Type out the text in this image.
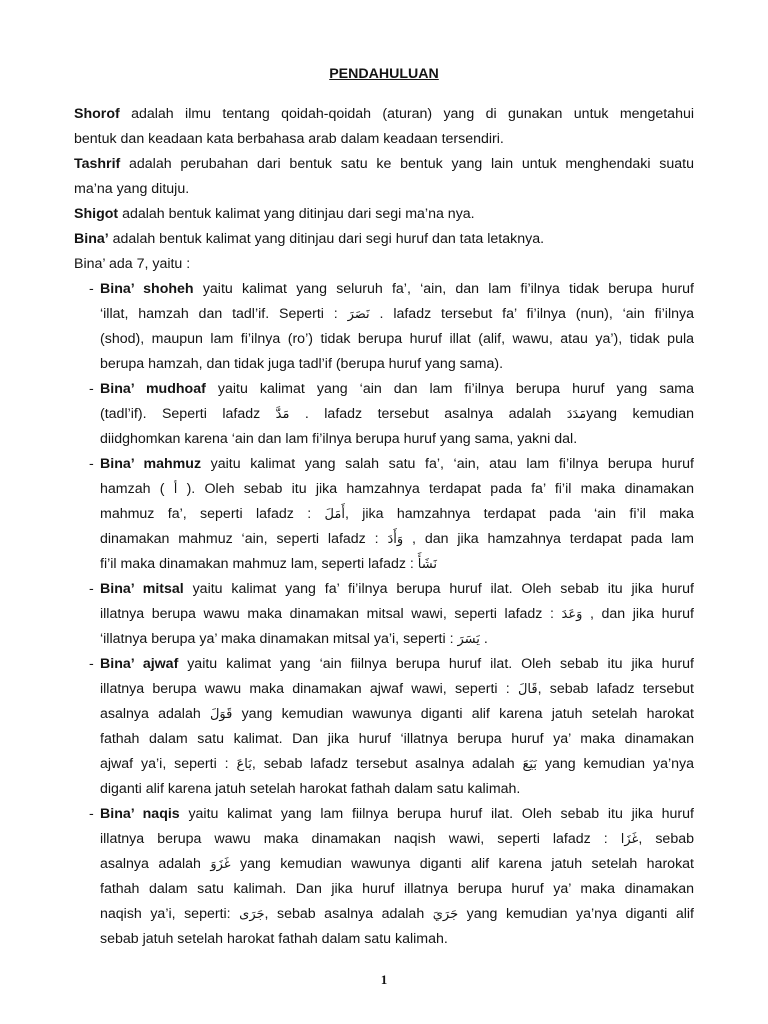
PENDAHULUAN
Shorof adalah ilmu tentang qoidah-qoidah (aturan) yang di gunakan untuk mengetahui
bentuk dan keadaan kata berbahasa arab dalam keadaan tersendiri.
Tashrif adalah perubahan dari bentuk satu ke bentuk yang lain untuk menghendaki suatu
ma’na yang dituju.
Shigot adalah bentuk kalimat yang ditinjau dari segi ma’na nya.
Bina’ adalah bentuk kalimat yang ditinjau dari segi huruf dan tata letaknya.
Bina’ ada 7, yaitu :
- Bina’ shoheh yaitu kalimat yang seluruh fa’, ‘ain, dan lam fi’ilnya tidak berupa huruf
‘illat, hamzah dan tadl’if. Seperti : نَصَرَ . lafadz tersebut fa’ fi’ilnya (nun), ‘ain fi’ilnya
(shod), maupun lam fi’ilnya (ro’) tidak berupa huruf illat (alif, wawu, atau ya’), tidak pula
berupa hamzah, dan tidak juga tadl’if (berupa huruf yang sama).
- Bina’ mudhoaf yaitu kalimat yang ‘ain dan lam fi’ilnya berupa huruf yang sama
(tadl’if). Seperti lafadz مَدَّ . lafadz tersebut asalnya adalah مَدَدَyang kemudian
diidghomkan karena ‘ain dan lam fi’ilnya berupa huruf yang sama, yakni dal.
- Bina’ mahmuz yaitu kalimat yang salah satu fa’, ‘ain, atau lam fi’ilnya berupa huruf
hamzah ( أ ). Oleh sebab itu jika hamzahnya terdapat pada fa’ fi’il maka dinamakan
mahmuz fa’, seperti lafadz : أَمَلَ, jika hamzahnya terdapat pada ‘ain fi’il maka
dinamakan mahmuz ‘ain, seperti lafadz : وَأَدَ , dan jika hamzahnya terdapat pada lam
fi’il maka dinamakan mahmuz lam, seperti lafadz : نَشَأَ
- Bina’ mitsal yaitu kalimat yang fa’ fi’ilnya berupa huruf ilat. Oleh sebab itu jika huruf
illatnya berupa wawu maka dinamakan mitsal wawi, seperti lafadz : وَعَدَ , dan jika huruf
‘illatnya berupa ya’ maka dinamakan mitsal ya’i, seperti : يَسَرَ .
- Bina’ ajwaf yaitu kalimat yang ‘ain fiilnya berupa huruf ilat. Oleh sebab itu jika huruf
illatnya berupa wawu maka dinamakan ajwaf wawi, seperti : قَالَ, sebab lafadz tersebut
asalnya adalah قَوَلَ yang kemudian wawunya diganti alif karena jatuh setelah harokat
fathah dalam satu kalimat. Dan jika huruf ‘illatnya berupa huruf ya’ maka dinamakan
ajwaf ya’i, seperti : بَاعَ, sebab lafadz tersebut asalnya adalah بَيَعَ yang kemudian ya’nya
diganti alif karena jatuh setelah harokat fathah dalam satu kalimah.
- Bina’ naqis yaitu kalimat yang lam fiilnya berupa huruf ilat. Oleh sebab itu jika huruf
illatnya berupa wawu maka dinamakan naqish wawi, seperti lafadz : غَزَا, sebab
asalnya adalah غَزَوَ yang kemudian wawunya diganti alif karena jatuh setelah harokat
fathah dalam satu kalimah. Dan jika huruf illatnya berupa huruf ya’ maka dinamakan
naqish ya’i, seperti: جَرَى, sebab asalnya adalah جَرَيَ yang kemudian ya’nya diganti alif
sebab jatuh setelah harokat fathah dalam satu kalimah.
1
